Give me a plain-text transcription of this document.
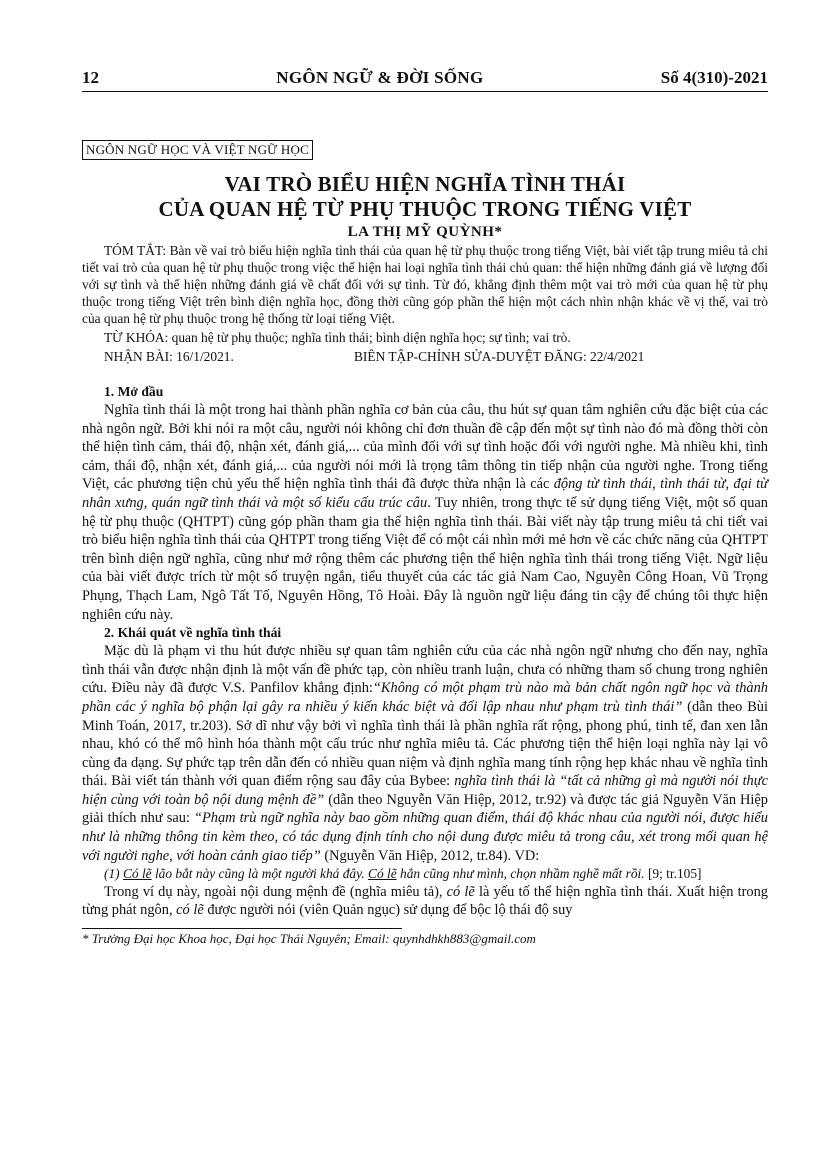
12	NGÔN NGỮ & ĐỜI SỐNG	Số 4(310)-2021
NGÔN NGỮ HỌC VÀ VIỆT NGỮ HỌC
VAI TRÒ BIỂU HIỆN NGHĨA TÌNH THÁI
CỦA QUAN HỆ TỪ PHỤ THUỘC TRONG TIẾNG VIỆT
LA THỊ MỸ QUỲNH*

TÓM TẮT: Bàn về vai trò biểu hiện nghĩa tình thái của quan hệ từ phụ thuộc trong tiếng Việt, bài viết tập trung miêu tả chi tiết vai trò của quan hệ từ phụ thuộc trong việc thể hiện hai loại nghĩa tình thái chủ quan: thể hiện những đánh giá về lượng đối với sự tình và thể hiện những đánh giá về chất đối với sự tình. Từ đó, khẳng định thêm một vai trò mới của quan hệ từ phụ thuộc trong tiếng Việt trên bình diện nghĩa học, đồng thời cũng góp phần thể hiện một cách nhìn nhận khác về vị thế, vai trò của quan hệ từ phụ thuộc trong hệ thống từ loại tiếng Việt.

TỪ KHÓA: quan hệ từ phụ thuộc; nghĩa tình thái; bình diện nghĩa học; sự tình; vai trò.

NHẬN BÀI: 16/1/2021.	BIÊN TẬP-CHỈNH SỬA-DUYỆT ĐĂNG: 22/4/2021
1. Mở đầu

Nghĩa tình thái là một trong hai thành phần nghĩa cơ bản của câu, thu hút sự quan tâm nghiên cứu đặc biệt của các nhà ngôn ngữ. Bởi khi nói ra một câu, người nói không chỉ đơn thuần đề cập đến một sự tình nào đó mà đồng thời còn thể hiện tình cảm, thái độ, nhận xét, đánh giá,... của mình đối với sự tình hoặc đối với người nghe. Mà nhiều khi, tình cảm, thái độ, nhận xét, đánh giá,... của người nói mới là trọng tâm thông tin tiếp nhận của người nghe. Trong tiếng Việt, các phương tiện chủ yếu thể hiện nghĩa tình thái đã được thừa nhận là các động từ tình thái, tình thái từ, đại từ nhân xưng, quán ngữ tình thái và một số kiểu cấu trúc câu. Tuy nhiên, trong thực tế sử dụng tiếng Việt, một số quan hệ từ phụ thuộc (QHTPT) cũng góp phần tham gia thể hiện nghĩa tình thái. Bài viết này tập trung miêu tả chi tiết vai trò biểu hiện nghĩa tình thái của QHTPT trong tiếng Việt để có một cái nhìn mới mẻ hơn về các chức năng của QHTPT trên bình diện ngữ nghĩa, cũng như mở rộng thêm các phương tiện thể hiện nghĩa tình thái trong tiếng Việt. Ngữ liệu của bài viết được trích từ một số truyện ngắn, tiểu thuyết của các tác giả Nam Cao, Nguyễn Công Hoan, Vũ Trọng Phụng, Thạch Lam, Ngô Tất Tố, Nguyên Hồng, Tô Hoài. Đây là nguồn ngữ liệu đáng tin cậy để chúng tôi thực hiện nghiên cứu này.

2. Khái quát về nghĩa tình thái

Mặc dù là phạm vi thu hút được nhiều sự quan tâm nghiên cứu của các nhà ngôn ngữ nhưng cho đến nay, nghĩa tình thái vẫn được nhận định là một vấn đề phức tạp, còn nhiều tranh luận, chưa có những tham số chung trong nghiên cứu. Điều này đã được V.S. Panfilov khẳng định:“Không có một phạm trù nào mà bản chất ngôn ngữ học và thành phần các ý nghĩa bộ phận lại gây ra nhiều ý kiến khác biệt và đối lập nhau như phạm trù tình thái” (dẫn theo Bùi Minh Toán, 2017, tr.203). Sở dĩ như vậy bởi vì nghĩa tình thái là phần nghĩa rất rộng, phong phú, tinh tế, đan xen lẫn nhau, khó có thể mô hình hóa thành một cấu trúc như nghĩa miêu tả. Các phương tiện thể hiện loại nghĩa này lại vô cùng đa dạng. Sự phức tạp trên dẫn đến có nhiều quan niệm và định nghĩa mang tính rộng hẹp khác nhau về nghĩa tình thái. Bài viết tán thành với quan điểm rộng sau đây của Bybee: nghĩa tình thái là “tất cả những gì mà người nói thực hiện cùng với toàn bộ nội dung mệnh đề” (dẫn theo Nguyễn Văn Hiệp, 2012, tr.92) và được tác giả Nguyễn Văn Hiệp giải thích như sau: “Phạm trù ngữ nghĩa này bao gồm những quan điểm, thái độ khác nhau của người nói, được hiểu như là những thông tin kèm theo, có tác dụng định tính cho nội dung được miêu tả trong câu, xét trong mối quan hệ với người nghe, với hoàn cảnh giao tiếp” (Nguyễn Văn Hiệp, 2012, tr.84). VD:

(1) Có lẽ lão bắt này cũng là một người khá đây. Có lẽ hắn cũng như mình, chọn nhầm nghề mất rồi. [9; tr.105]

Trong ví dụ này, ngoài nội dung mệnh đề (nghĩa miêu tả), có lẽ là yếu tố thể hiện nghĩa tình thái. Xuất hiện trong từng phát ngôn, có lẽ được người nói (viên Quản ngục) sử dụng để bộc lộ thái độ suy

* Trường Đại học Khoa học, Đại học Thái Nguyên; Email: quynhdhkh883@gmail.com
